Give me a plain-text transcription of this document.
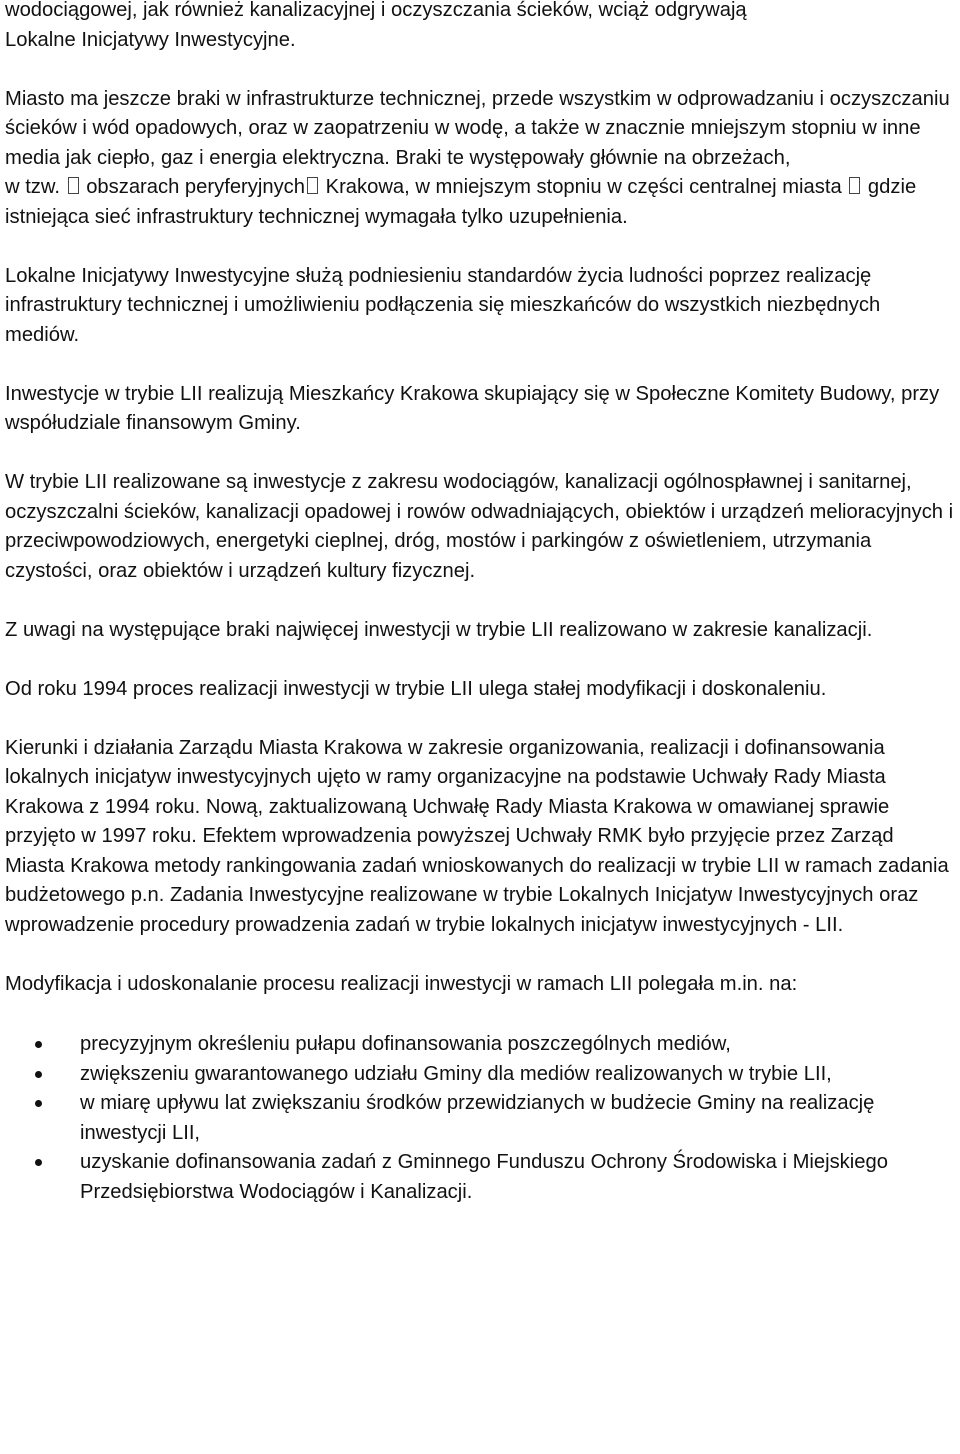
wodociągowej, jak również kanalizacyjnej i oczyszczania ścieków, wciąż odgrywają
Lokalne Inicjatywy Inwestycyjne.

Miasto ma jeszcze braki w infrastrukturze technicznej, przede wszystkim w odprowadzaniu i oczyszczaniu ścieków i wód opadowych, oraz w zaopatrzeniu w wodę, a także w znacznie mniejszym stopniu w inne media jak ciepło, gaz i energia elektryczna. Braki te występowały głównie na obrzeżach,
w tzw. obszarach peryferyjnych Krakowa, w mniejszym stopniu w części centralnej miasta gdzie istniejąca sieć infrastruktury technicznej wymagała tylko uzupełnienia.

Lokalne Inicjatywy Inwestycyjne służą podniesieniu standardów życia ludności poprzez realizację infrastruktury technicznej i umożliwieniu podłączenia się mieszkańców do wszystkich niezbędnych mediów.

Inwestycje w trybie LII realizują Mieszkańcy Krakowa skupiający się w Społeczne Komitety Budowy, przy współudziale finansowym Gminy.

W trybie LII realizowane są inwestycje z zakresu wodociągów, kanalizacji ogólnospławnej i sanitarnej, oczyszczalni ścieków, kanalizacji opadowej i rowów odwadniających, obiektów i urządzeń melioracyjnych i przeciwpowodziowych, energetyki cieplnej, dróg, mostów i parkingów z oświetleniem, utrzymania czystości, oraz obiektów i urządzeń kultury fizycznej.

Z uwagi na występujące braki najwięcej inwestycji w trybie LII realizowano w zakresie kanalizacji.

Od roku 1994 proces realizacji inwestycji w trybie LII ulega stałej modyfikacji i doskonaleniu.

Kierunki i działania Zarządu Miasta Krakowa w zakresie organizowania, realizacji i dofinansowania lokalnych inicjatyw inwestycyjnych ujęto w ramy organizacyjne na podstawie Uchwały Rady Miasta Krakowa z 1994 roku. Nową, zaktualizowaną Uchwałę Rady Miasta Krakowa w omawianej sprawie przyjęto w 1997 roku. Efektem wprowadzenia powyższej Uchwały RMK było przyjęcie przez Zarząd Miasta Krakowa metody rankingowania zadań wnioskowanych do realizacji w trybie LII w ramach zadania budżetowego p.n. Zadania Inwestycyjne realizowane w trybie Lokalnych Inicjatyw Inwestycyjnych oraz wprowadzenie procedury prowadzenia zadań w trybie lokalnych inicjatyw inwestycyjnych - LII.

Modyfikacja i udoskonalanie procesu realizacji inwestycji w ramach LII polegała m.in. na:

precyzyjnym określeniu pułapu dofinansowania poszczególnych mediów,
zwiększeniu gwarantowanego udziału Gminy dla mediów realizowanych w trybie LII,
w miarę upływu lat zwiększaniu środków przewidzianych w budżecie Gminy na realizację inwestycji LII,
uzyskanie dofinansowania zadań z Gminnego Funduszu Ochrony Środowiska i Miejskiego Przedsiębiorstwa Wodociągów i Kanalizacji.
